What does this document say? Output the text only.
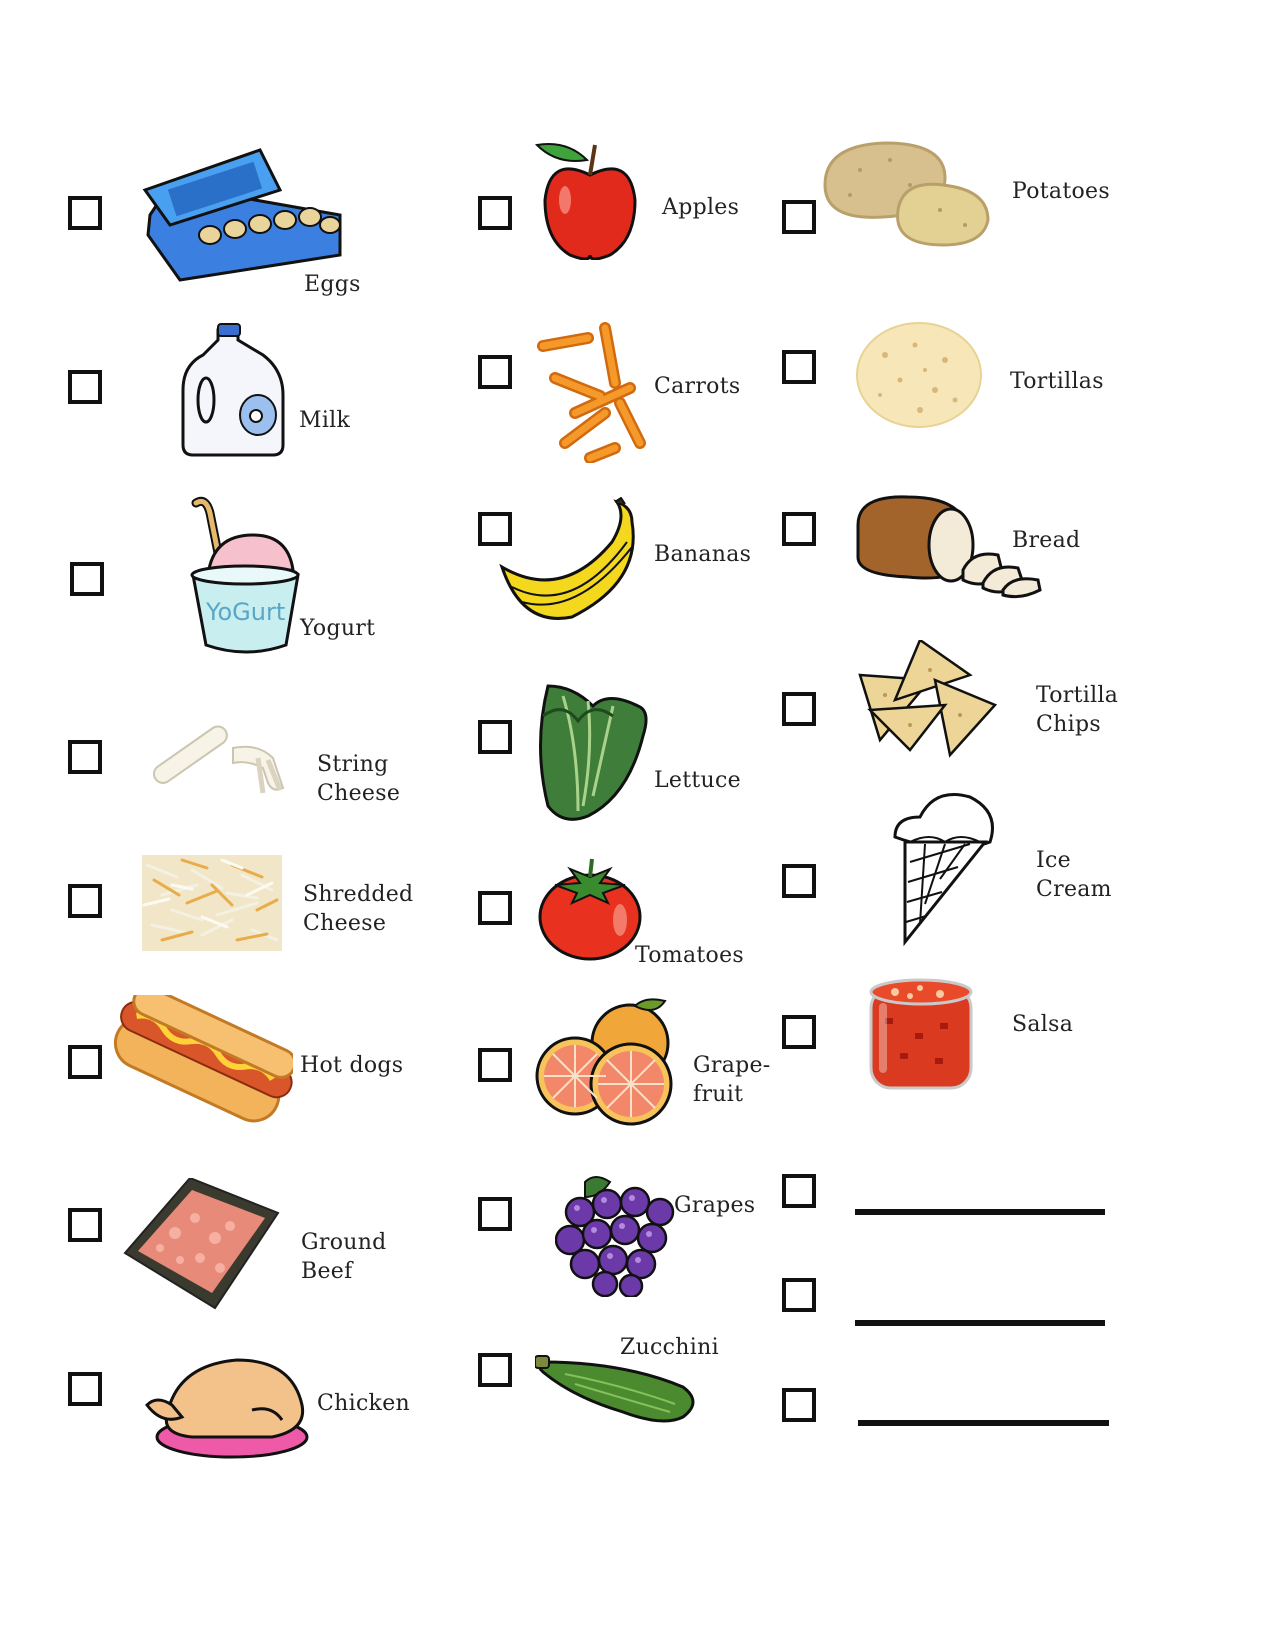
Eggs
Milk
YoGurt
Yogurt
String
Cheese
Shredded
Cheese
Hot dogs
Ground
Beef
Chicken
Apples
Carrots
Bananas
Lettuce
Tomatoes
Grape-
fruit
Grapes
Zucchini
Potatoes
Tortillas
Bread
Tortilla
Chips
Ice
Cream
Salsa
